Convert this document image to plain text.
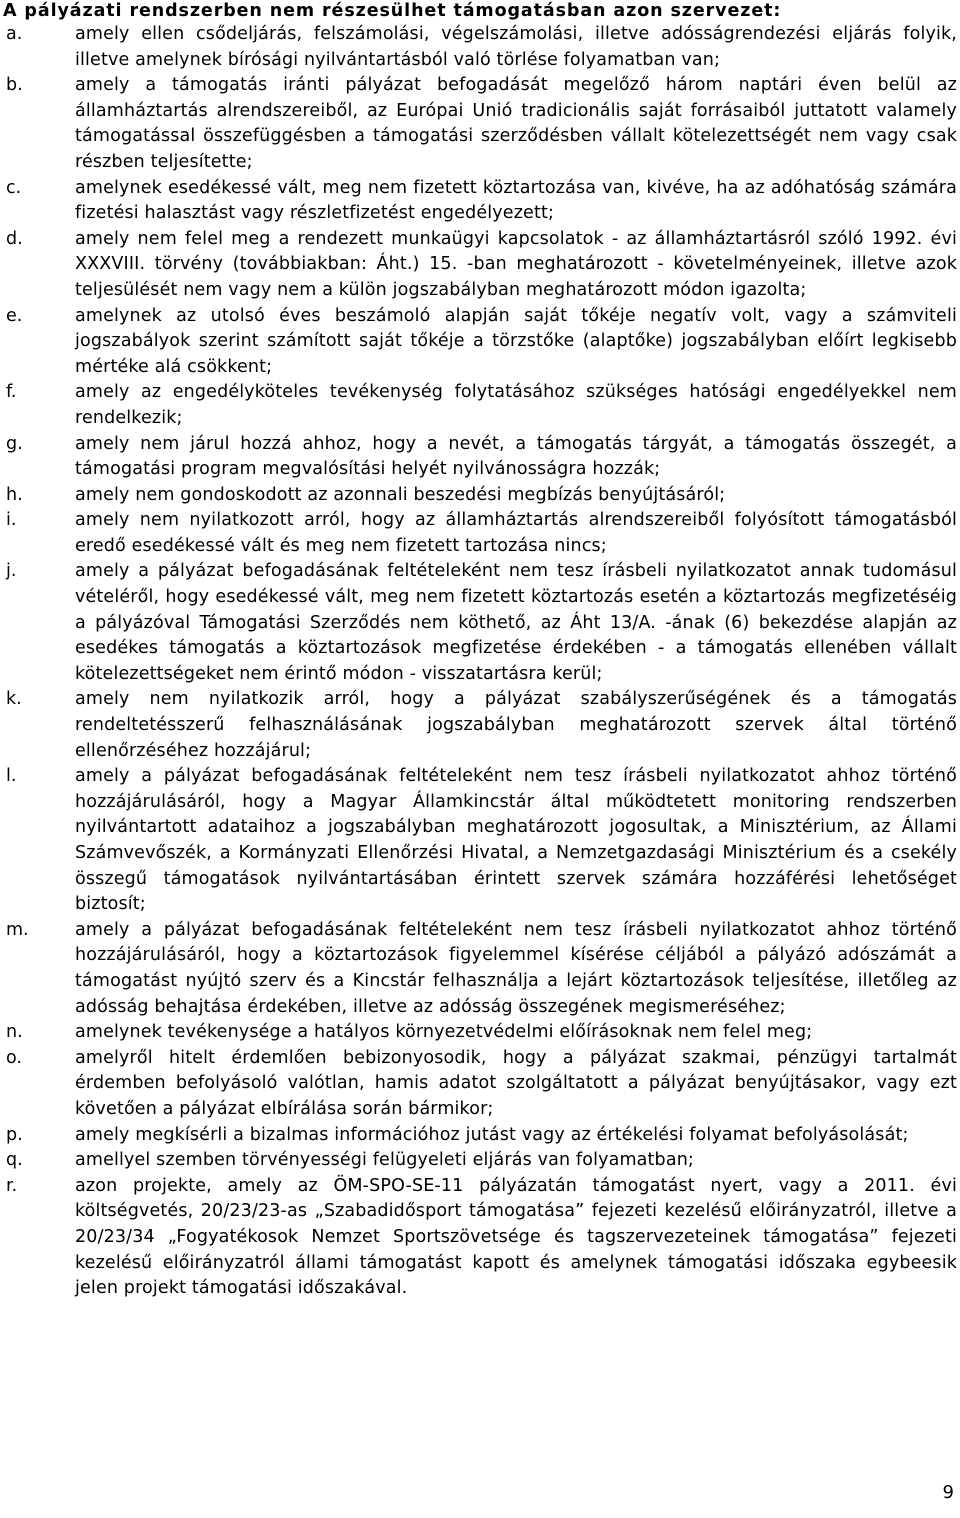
A pályázati rendszerben nem részesülhet támogatásban azon szervezet:
a.	amely ellen csődeljárás, felszámolási, végelszámolási, illetve adósságrendezési eljárás folyik, illetve amelynek bírósági nyilvántartásból való törlése folyamatban van;
b.	amely a támogatás iránti pályázat befogadását megelőző három naptári éven belül az államháztartás alrendszereiből, az Európai Unió tradicionális saját forrásaiból juttatott valamely támogatással összefüggésben a támogatási szerződésben vállalt kötelezettségét nem vagy csak részben teljesítette;
c.	amelynek esedékessé vált, meg nem fizetett köztartozása van, kivéve, ha az adóhatóság számára fizetési halasztást vagy részletfizetést engedélyezett;
d.	amely nem felel meg a rendezett munkaügyi kapcsolatok - az államháztartásról szóló 1992. évi XXXVIII. törvény (továbbiakban: Áht.) 15. -ban meghatározott - követelményeinek, illetve azok teljesülését nem vagy nem a külön jogszabályban meghatározott módon igazolta;
e.	amelynek az utolsó éves beszámoló alapján saját tőkéje negatív volt, vagy a számviteli jogszabályok szerint számított saját tőkéje a törzstőke (alaptőke) jogszabályban előírt legkisebb mértéke alá csökkent;
f.	amely az engedélyköteles tevékenység folytatásához szükséges hatósági engedélyekkel nem rendelkezik;
g.	amely nem járul hozzá ahhoz, hogy a nevét, a támogatás tárgyát, a támogatás összegét, a támogatási program megvalósítási helyét nyilvánosságra hozzák;
h.	amely nem gondoskodott az azonnali beszedési megbízás benyújtásáról;
i.	amely nem nyilatkozott arról, hogy az államháztartás alrendszereiből folyósított támogatásból eredő esedékessé vált és meg nem fizetett tartozása nincs;
j.	amely a pályázat befogadásának feltételeként nem tesz írásbeli nyilatkozatot annak tudomásul vételéről, hogy esedékessé vált, meg nem fizetett köztartozás esetén a köztartozás megfizetéséig a pályázóval Támogatási Szerződés nem köthető, az Áht 13/A. -ának (6) bekezdése alapján az esedékes támogatás a köztartozások megfizetése érdekében - a támogatás ellenében vállalt kötelezettségeket nem érintő módon - visszatartásra kerül;
k.	amely nem nyilatkozik arról, hogy a pályázat szabályszerűségének és a támogatás rendeltetésszerű felhasználásának jogszabályban meghatározott szervek által történő ellenőrzéséhez hozzájárul;
l.	amely a pályázat befogadásának feltételeként nem tesz írásbeli nyilatkozatot ahhoz történő hozzájárulásáról, hogy a Magyar Államkincstár által működtetett monitoring rendszerben nyilvántartott adataihoz a jogszabályban meghatározott jogosultak, a Minisztérium, az Állami Számvevőszék, a Kormányzati Ellenőrzési Hivatal, a Nemzetgazdasági Minisztérium és a csekély összegű támogatások nyilvántartásában érintett szervek számára hozzáférési lehetőséget biztosít;
m.	amely a pályázat befogadásának feltételeként nem tesz írásbeli nyilatkozatot ahhoz történő hozzájárulásáról, hogy a köztartozások figyelemmel kísérése céljából a pályázó adószámát a támogatást nyújtó szerv és a Kincstár felhasználja a lejárt köztartozások teljesítése, illetőleg az adósság behajtása érdekében, illetve az adósság összegének megismeréséhez;
n.	amelynek tevékenysége a hatályos környezetvédelmi előírásoknak nem felel meg;
o.	amelyről hitelt érdemlően bebizonyosodik, hogy a pályázat szakmai, pénzügyi tartalmát érdemben befolyásoló valótlan, hamis adatot szolgáltatott a pályázat benyújtásakor, vagy ezt követően a pályázat elbírálása során bármikor;
p.	amely megkísérli a bizalmas információhoz jutást vagy az értékelési folyamat befolyásolását;
q.	amellyel szemben törvényességi felügyeleti eljárás van folyamatban;
r.	azon projekte, amely az ÖM-SPO-SE-11 pályázatán támogatást nyert, vagy a 2011. évi költségvetés, 20/23/23-as „Szabadidősport támogatása” fejezeti kezelésű előirányzatról, illetve a 20/23/34 „Fogyatékosok Nemzet Sportszövetsége és tagszervezeteinek támogatása” fejezeti kezelésű előirányzatról állami támogatást kapott és amelynek támogatási időszaka egybeesik jelen projekt támogatási időszakával.
9
